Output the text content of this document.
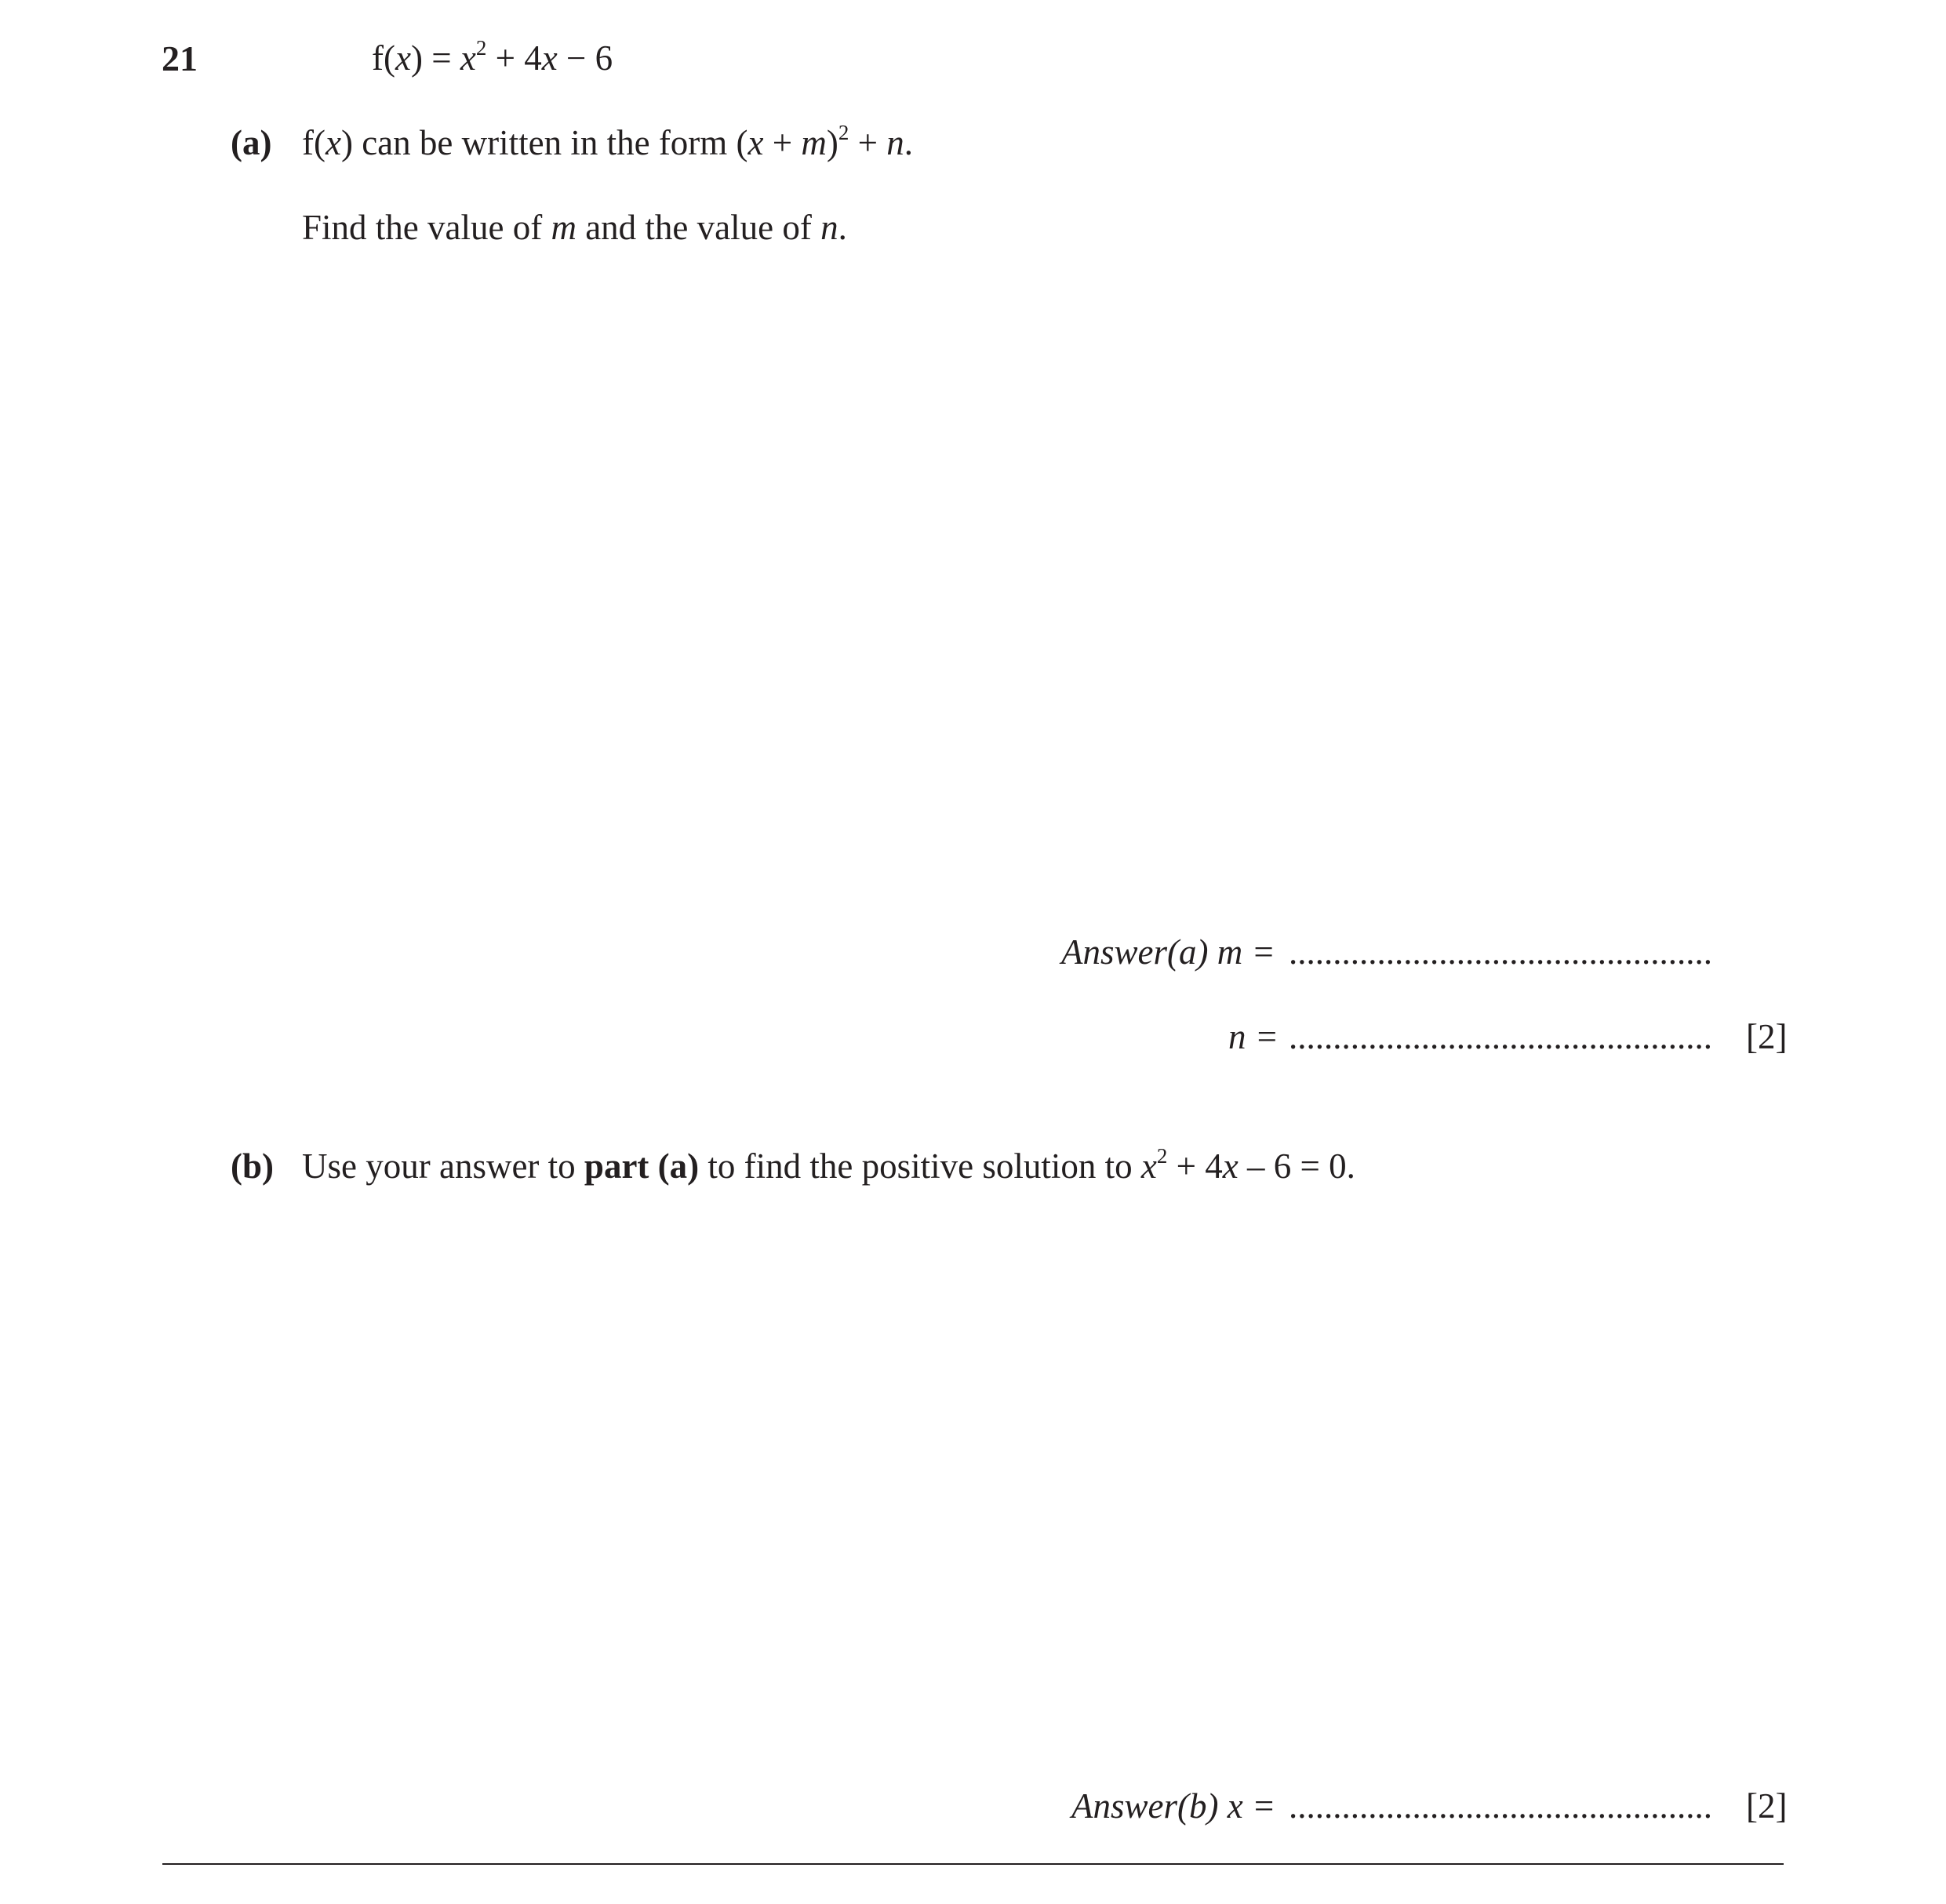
21	$f(x) = x^2 + 4x - 6$
(a) f(x) can be written in the form $(x + m)^2 + n$.
Find the value of m and the value of n.
Answer(a) m = ................................................
n = ................................................ [2]
(b) Use your answer to part (a) to find the positive solution to $x^2 + 4x - 6 = 0$.
Answer(b) x = ................................................ [2]
